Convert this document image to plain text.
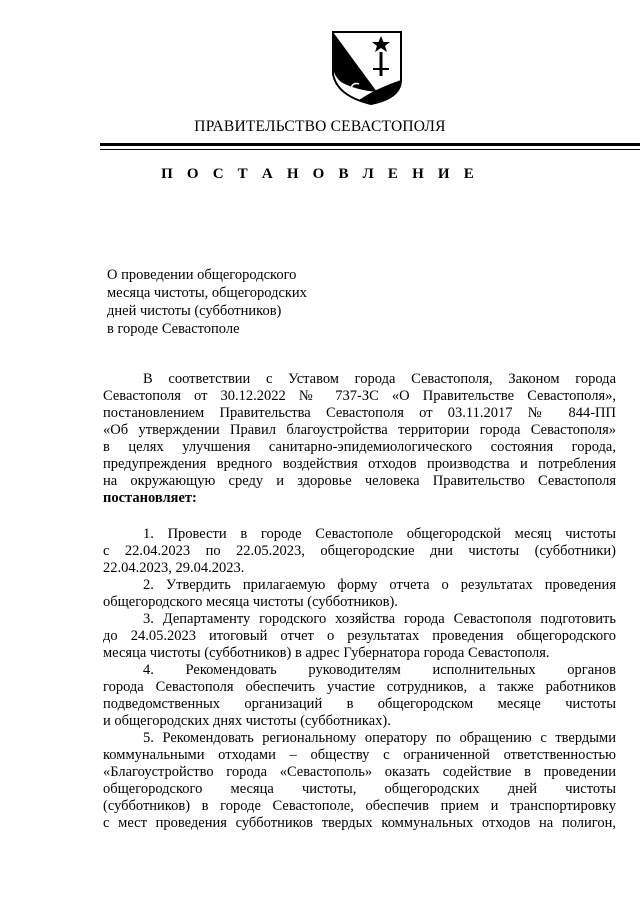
ПРАВИТЕЛЬСТВО СЕВАСТОПОЛЯ
П О С Т А Н О В Л Е Н И Е
О проведении общегородского
месяца чистоты, общегородских
дней чистоты (субботников)
в городе Севастополе
В соответствии с Уставом города Севастополя, Законом города
Севастополя от 30.12.2022 № 737-ЗС «О Правительстве Севастополя»,
постановлением Правительства Севастополя от 03.11.2017 № 844-ПП
«Об утверждении Правил благоустройства территории города Севастополя»
в целях улучшения санитарно-эпидемиологического состояния города,
предупреждения вредного воздействия отходов производства и потребления
на окружающую среду и здоровье человека Правительство Севастополя
постановляет:
1. Провести в городе Севастополе общегородской месяц чистоты
с 22.04.2023 по 22.05.2023, общегородские дни чистоты (субботники)
22.04.2023, 29.04.2023.
2. Утвердить прилагаемую форму отчета о результатах проведения
общегородского месяца чистоты (субботников).
3. Департаменту городского хозяйства города Севастополя подготовить
до 24.05.2023 итоговый отчет о результатах проведения общегородского
месяца чистоты (субботников) в адрес Губернатора города Севастополя.
4. Рекомендовать руководителям исполнительных органов
города Севастополя обеспечить участие сотрудников, а также работников
подведомственных организаций в общегородском месяце чистоты
и общегородских днях чистоты (субботниках).
5. Рекомендовать региональному оператору по обращению с твердыми
коммунальными отходами – обществу с ограниченной ответственностью
«Благоустройство города «Севастополь» оказать содействие в проведении
общегородского месяца чистоты, общегородских дней чистоты
(субботников) в городе Севастополе, обеспечив прием и транспортировку
с мест проведения субботников твердых коммунальных отходов на полигон,
